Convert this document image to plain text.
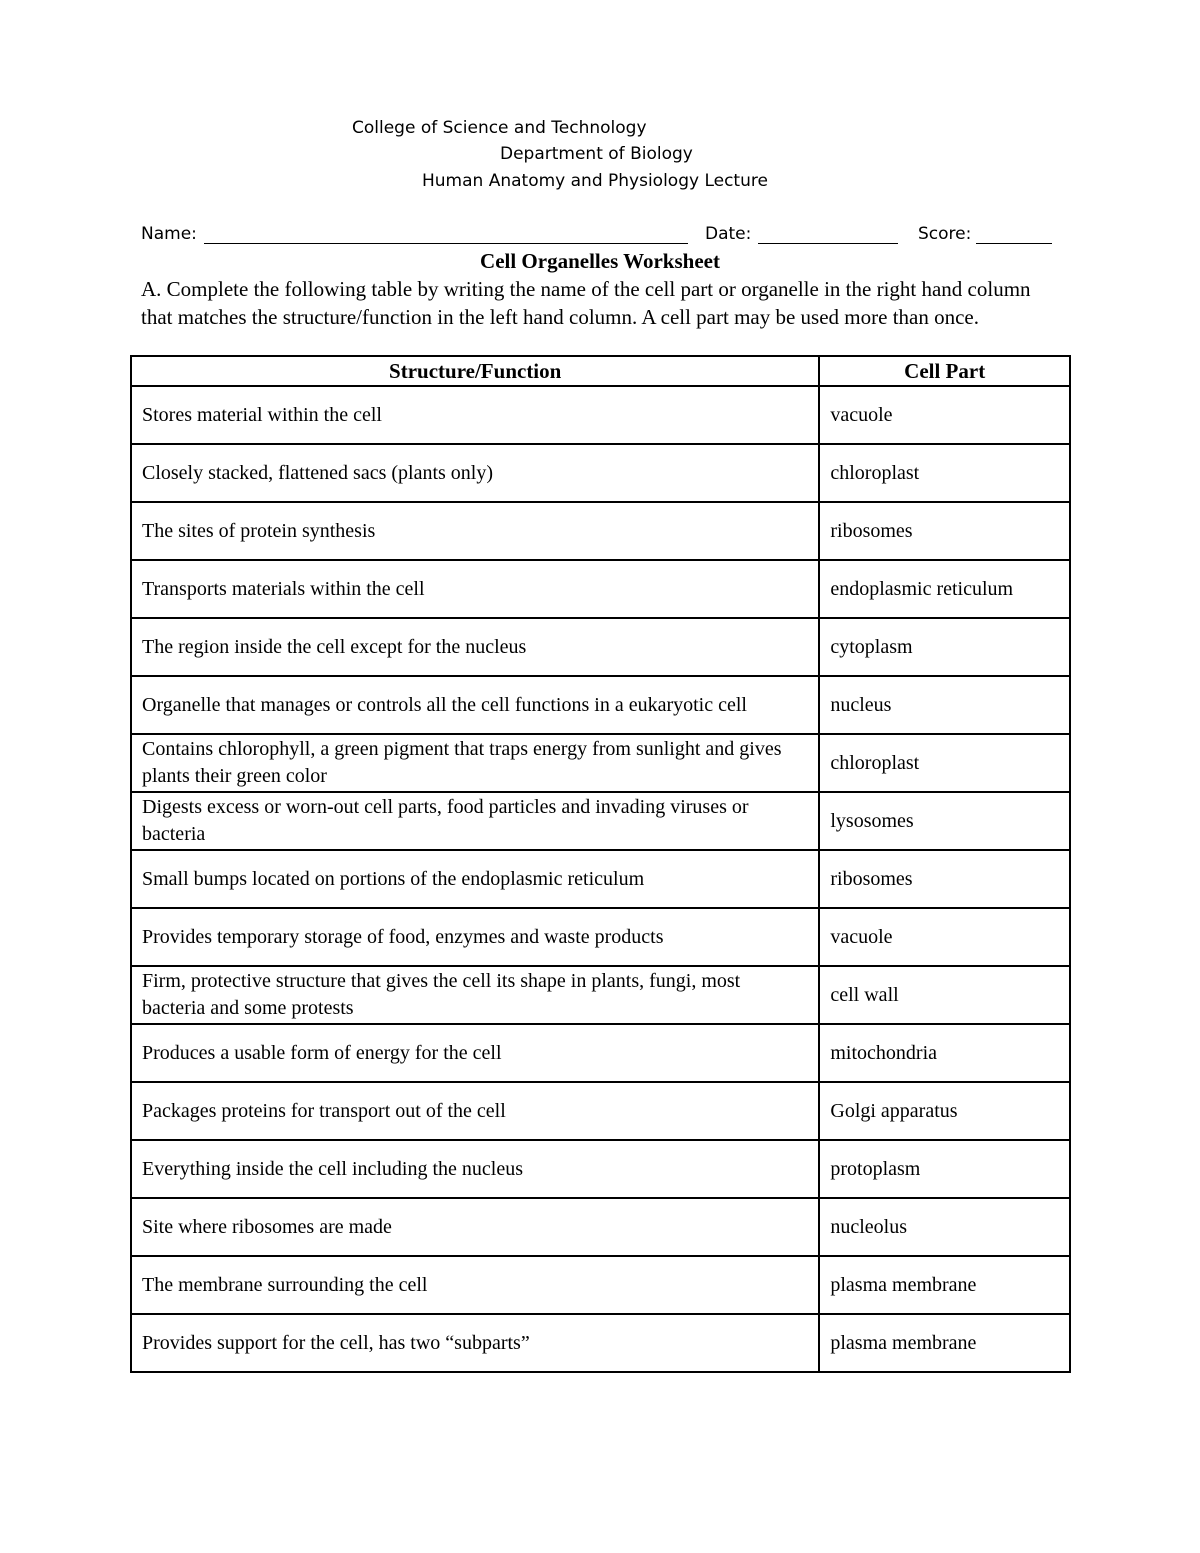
College of Science and Technology
Department of Biology
Human Anatomy and Physiology Lecture
Name:	Date:	Score:
Cell Organelles Worksheet
A. Complete the following table by writing the name of the cell part or organelle in the right hand column that matches the structure/function in the left hand column. A cell part may be used more than once.
Structure/Function	Cell Part
Stores material within the cell	vacuole
Closely stacked, flattened sacs (plants only)	chloroplast
The sites of protein synthesis	ribosomes
Transports materials within the cell	endoplasmic reticulum
The region inside the cell except for the nucleus	cytoplasm
Organelle that manages or controls all the cell functions in a eukaryotic cell	nucleus
Contains chlorophyll, a green pigment that traps energy from sunlight and gives plants their green color	chloroplast
Digests excess or worn-out cell parts, food particles and invading viruses or bacteria	lysosomes
Small bumps located on portions of the endoplasmic reticulum	ribosomes
Provides temporary storage of food, enzymes and waste products	vacuole
Firm, protective structure that gives the cell its shape in plants, fungi, most bacteria and some protests	cell wall
Produces a usable form of energy for the cell	mitochondria
Packages proteins for transport out of the cell	Golgi apparatus
Everything inside the cell including the nucleus	protoplasm
Site where ribosomes are made	nucleolus
The membrane surrounding the cell	plasma membrane
Provides support for the cell, has two “subparts”	plasma membrane
